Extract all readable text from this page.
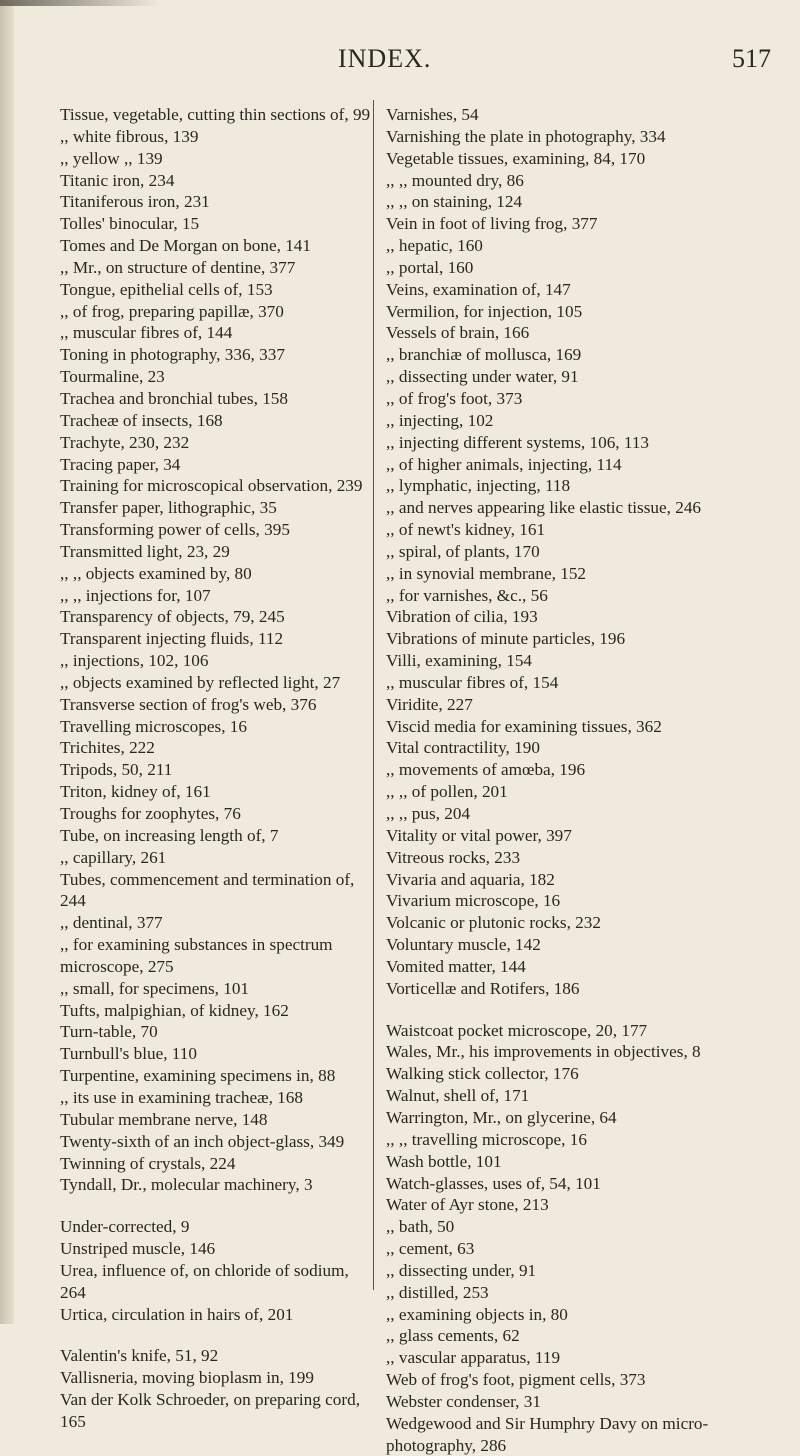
INDEX.	517
Tissue, vegetable, cutting thin sections of, 99
,, white fibrous, 139
,, yellow ,, 139
Titanic iron, 234
Titaniferous iron, 231
Tolles' binocular, 15
Tomes and De Morgan on bone, 141
,, Mr., on structure of dentine, 377
Tongue, epithelial cells of, 153
,, of frog, preparing papillæ, 370
,, muscular fibres of, 144
Toning in photography, 336, 337
Tourmaline, 23
Trachea and bronchial tubes, 158
Tracheæ of insects, 168
Trachyte, 230, 232
Tracing paper, 34
Training for microscopical observation, 239
Transfer paper, lithographic, 35
Transforming power of cells, 395
Transmitted light, 23, 29
,, ,, objects examined by, 80
,, ,, injections for, 107
Transparency of objects, 79, 245
Transparent injecting fluids, 112
,, injections, 102, 106
,, objects examined by reflected light, 27
Transverse section of frog's web, 376
Travelling microscopes, 16
Trichites, 222
Tripods, 50, 211
Triton, kidney of, 161
Troughs for zoophytes, 76
Tube, on increasing length of, 7
,, capillary, 261
Tubes, commencement and termination of, 244
,, dentinal, 377
,, for examining substances in spectrum microscope, 275
,, small, for specimens, 101
Tufts, malpighian, of kidney, 162
Turn-table, 70
Turnbull's blue, 110
Turpentine, examining specimens in, 88
,, its use in examining tracheæ, 168
Tubular membrane nerve, 148
Twenty-sixth of an inch object-glass, 349
Twinning of crystals, 224
Tyndall, Dr., molecular machinery, 3
Under-corrected, 9
Unstriped muscle, 146
Urea, influence of, on chloride of sodium, 264
Urtica, circulation in hairs of, 201
Valentin's knife, 51, 92
Vallisneria, moving bioplasm in, 199
Van der Kolk Schroeder, on preparing cord, 165
Varnishes, 54
Varnishing the plate in photography, 334
Vegetable tissues, examining, 84, 170
,, ,, mounted dry, 86
,, ,, on staining, 124
Vein in foot of living frog, 377
,, hepatic, 160
,, portal, 160
Veins, examination of, 147
Vermilion, for injection, 105
Vessels of brain, 166
,, branchiæ of mollusca, 169
,, dissecting under water, 91
,, of frog's foot, 373
,, injecting, 102
,, injecting different systems, 106, 113
,, of higher animals, injecting, 114
,, lymphatic, injecting, 118
,, and nerves appearing like elastic tissue, 246
,, of newt's kidney, 161
,, spiral, of plants, 170
,, in synovial membrane, 152
,, for varnishes, &c., 56
Vibration of cilia, 193
Vibrations of minute particles, 196
Villi, examining, 154
,, muscular fibres of, 154
Viridite, 227
Viscid media for examining tissues, 362
Vital contractility, 190
,, movements of amœba, 196
,, ,, of pollen, 201
,, ,, pus, 204
Vitality or vital power, 397
Vitreous rocks, 233
Vivaria and aquaria, 182
Vivarium microscope, 16
Volcanic or plutonic rocks, 232
Voluntary muscle, 142
Vomited matter, 144
Vorticellæ and Rotifers, 186
Waistcoat pocket microscope, 20, 177
Wales, Mr., his improvements in objectives, 8
Walking stick collector, 176
Walnut, shell of, 171
Warrington, Mr., on glycerine, 64
,, ,, travelling microscope, 16
Wash bottle, 101
Watch-glasses, uses of, 54, 101
Water of Ayr stone, 213
,, bath, 50
,, cement, 63
,, dissecting under, 91
,, distilled, 253
,, examining objects in, 80
,, glass cements, 62
,, vascular apparatus, 119
Web of frog's foot, pigment cells, 373
Webster condenser, 31
Wedgewood and Sir Humphry Davy on micro-photography, 286
